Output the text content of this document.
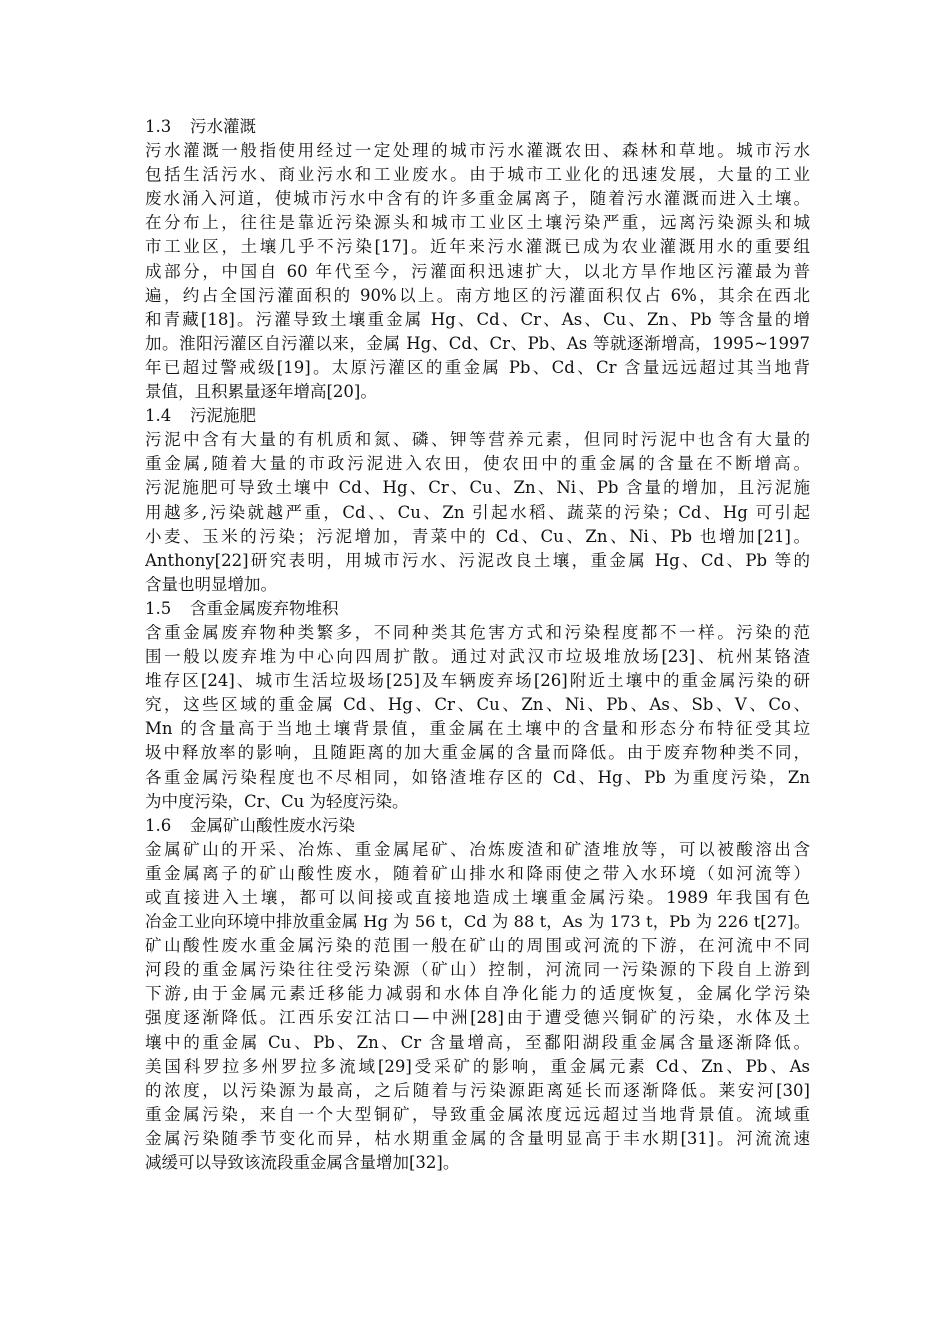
1.3 污水灌溉
污水灌溉一般指使用经过一定处理的城市污水灌溉农田、森林和草地。城市污水
包括生活污水、商业污水和工业废水。由于城市工业化的迅速发展，大量的工业
废水涌入河道，使城市污水中含有的许多重金属离子，随着污水灌溉而进入土壤。
在分布上，往往是靠近污染源头和城市工业区土壤污染严重，远离污染源头和城
市工业区，土壤几乎不污染[17]。近年来污水灌溉已成为农业灌溉用水的重要组
成部分，中国自 60 年代至今，污灌面积迅速扩大，以北方旱作地区污灌最为普
遍，约占全国污灌面积的 90%以上。南方地区的污灌面积仅占 6%，其余在西北
和青藏[18]。污灌导致土壤重金属 Hg、Cd、Cr、As、Cu、Zn、Pb 等含量的增
加。淮阳污灌区自污灌以来，金属 Hg、Cd、Cr、Pb、As 等就逐渐增高，1995~1997
年已超过警戒级[19]。太原污灌区的重金属 Pb、Cd、Cr 含量远远超过其当地背
景值，且积累量逐年增高[20]。
1.4 污泥施肥
污泥中含有大量的有机质和氮、磷、钾等营养元素，但同时污泥中也含有大量的
重金属,随着大量的市政污泥进入农田，使农田中的重金属的含量在不断增高。
污泥施肥可导致土壤中 Cd、Hg、Cr、Cu、Zn、Ni、Pb 含量的增加，且污泥施
用越多,污染就越严重，Cd、、Cu、Zn 引起水稻、蔬菜的污染；Cd、Hg 可引起
小麦、玉米的污染；污泥增加，青菜中的 Cd、Cu、Zn、Ni、Pb 也增加[21]。
Anthony[22]研究表明，用城市污水、污泥改良土壤，重金属 Hg、Cd、Pb 等的
含量也明显增加。
1.5 含重金属废弃物堆积
含重金属废弃物种类繁多，不同种类其危害方式和污染程度都不一样。污染的范
围一般以废弃堆为中心向四周扩散。通过对武汉市垃圾堆放场[23]、杭州某铬渣
堆存区[24]、城市生活垃圾场[25]及车辆废弃场[26]附近土壤中的重金属污染的研
究，这些区域的重金属 Cd、Hg、Cr、Cu、Zn、Ni、Pb、As、Sb、V、Co、
Mn 的含量高于当地土壤背景值，重金属在土壤中的含量和形态分布特征受其垃
圾中释放率的影响，且随距离的加大重金属的含量而降低。由于废弃物种类不同，
各重金属污染程度也不尽相同，如铬渣堆存区的 Cd、Hg、Pb 为重度污染，Zn
为中度污染，Cr、Cu 为轻度污染。
1.6 金属矿山酸性废水污染
金属矿山的开采、冶炼、重金属尾矿、冶炼废渣和矿渣堆放等，可以被酸溶出含
重金属离子的矿山酸性废水，随着矿山排水和降雨使之带入水环境（如河流等）
或直接进入土壤，都可以间接或直接地造成土壤重金属污染。1989 年我国有色
冶金工业向环境中排放重金属 Hg 为 56 t，Cd 为 88 t，As 为 173 t，Pb 为 226 t[27]。
矿山酸性废水重金属污染的范围一般在矿山的周围或河流的下游，在河流中不同
河段的重金属污染往往受污染源（矿山）控制，河流同一污染源的下段自上游到
下游,由于金属元素迁移能力减弱和水体自净化能力的适度恢复，金属化学污染
强度逐渐降低。江西乐安江沽口—中洲[28]由于遭受德兴铜矿的污染，水体及土
壤中的重金属 Cu、Pb、Zn、Cr 含量增高，至鄱阳湖段重金属含量逐渐降低。
美国科罗拉多州罗拉多流域[29]受采矿的影响，重金属元素 Cd、Zn、Pb、As
的浓度，以污染源为最高，之后随着与污染源距离延长而逐渐降低。莱安河[30]
重金属污染，来自一个大型铜矿，导致重金属浓度远远超过当地背景值。流域重
金属污染随季节变化而异，枯水期重金属的含量明显高于丰水期[31]。河流流速
减缓可以导致该流段重金属含量增加[32]。
